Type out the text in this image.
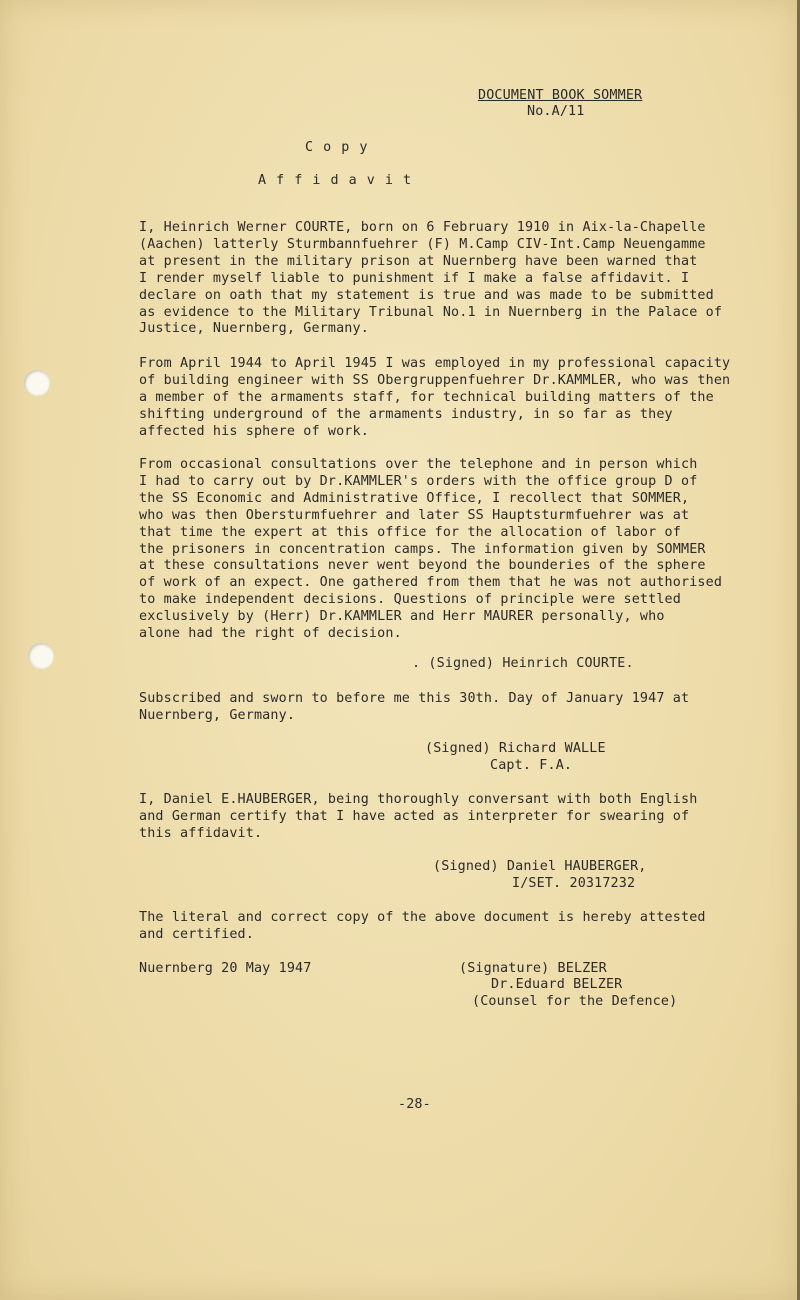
DOCUMENT BOOK SOMMER
No.A/11
C o p y
A f f i d a v i t
I, Heinrich Werner COURTE, born on 6 February 1910 in Aix-la-Chapelle
(Aachen) latterly Sturmbannfuehrer (F) M.Camp CIV-Int.Camp Neuengamme
at present in the military prison at Nuernberg have been warned that
I render myself liable to punishment if I make a false affidavit. I
declare on oath that my statement is true and was made to be submitted
as evidence to the Military Tribunal No.1 in Nuernberg in the Palace of
Justice, Nuernberg, Germany.
From April 1944 to April 1945 I was employed in my professional capacity
of building engineer with SS Obergruppenfuehrer Dr.KAMMLER, who was then
a member of the armaments staff, for technical building matters of the
shifting underground of the armaments industry, in so far as they
affected his sphere of work.
From occasional consultations over the telephone and in person which
I had to carry out by Dr.KAMMLER's orders with the office group D of
the SS Economic and Administrative Office, I recollect that SOMMER,
who was then Obersturmfuehrer and later SS Hauptsturmfuehrer was at
that time the expert at this office for the allocation of labor of
the prisoners in concentration camps. The information given by SOMMER
at these consultations never went beyond the bounderies of the sphere
of work of an expect. One gathered from them that he was not authorised
to make independent decisions. Questions of principle were settled
exclusively by (Herr) Dr.KAMMLER and Herr MAURER personally, who
alone had the right of decision.
. (Signed) Heinrich COURTE.
Subscribed and sworn to before me this 30th. Day of January 1947 at
Nuernberg, Germany.
(Signed) Richard WALLE
Capt. F.A.
I, Daniel E.HAUBERGER, being thoroughly conversant with both English
and German certify that I have acted as interpreter for swearing of
this affidavit.
(Signed) Daniel HAUBERGER,
I/SET. 20317232
The literal and correct copy of the above document is hereby attested
and certified.
Nuernberg 20 May 1947	(Signature) BELZER
Dr.Eduard BELZER
(Counsel for the Defence)
-28-
